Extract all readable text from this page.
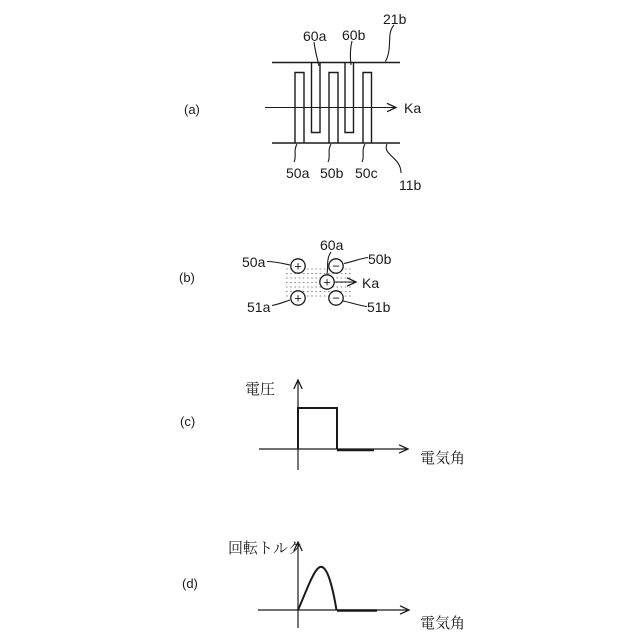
(a)	Ka
60a 60b
21b
50a 50b 50c
11b
(b)
+ −
+
+ −
Ka
50a	50b
60a
51a	51b
(c)
電圧
電気角
(d)
回転トルク
電気角
